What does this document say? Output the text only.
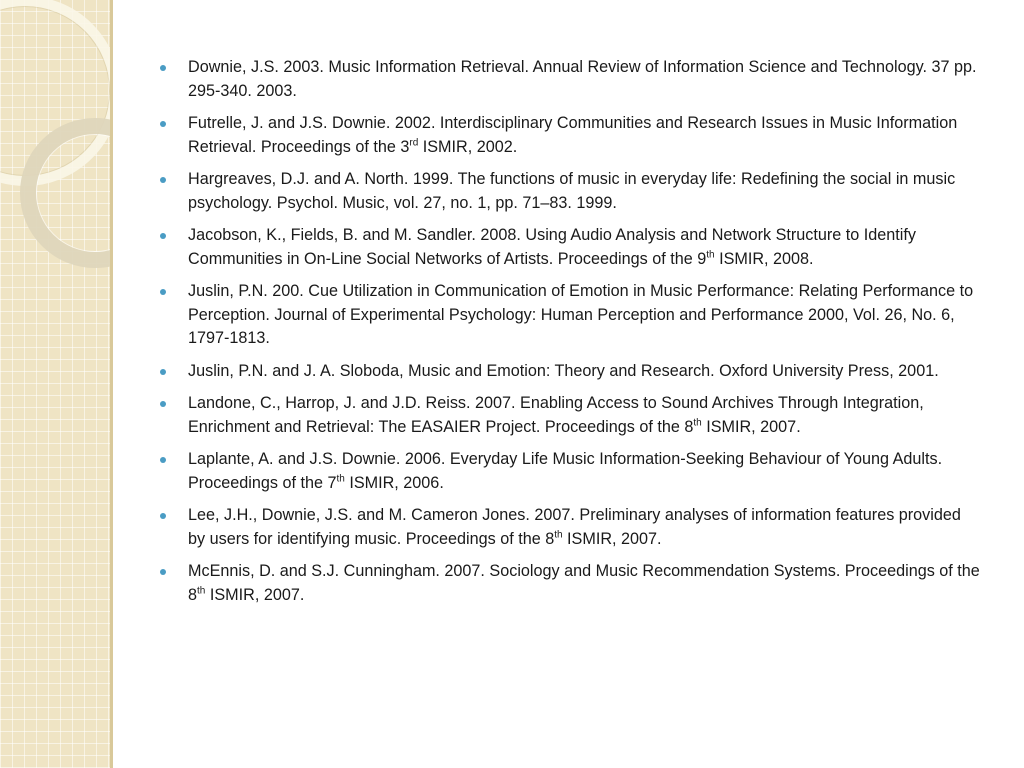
Downie, J.S. 2003. Music Information Retrieval. Annual Review of Information Science and Technology. 37 pp. 295-340. 2003.
Futrelle, J. and J.S. Downie. 2002. Interdisciplinary Communities and Research Issues in Music Information Retrieval. Proceedings of the 3rd ISMIR, 2002.
Hargreaves, D.J. and A. North. 1999. The functions of music in everyday life: Redefining the social in music psychology. Psychol. Music, vol. 27, no. 1, pp. 71–83. 1999.
Jacobson, K., Fields, B. and M. Sandler. 2008. Using Audio Analysis and Network Structure to Identify Communities in On-Line Social Networks of Artists. Proceedings of the 9th ISMIR, 2008.
Juslin, P.N. 200. Cue Utilization in Communication of Emotion in Music Performance: Relating Performance to Perception. Journal of Experimental Psychology: Human Perception and Performance 2000, Vol. 26, No. 6, 1797-1813.
Juslin, P.N. and J. A. Sloboda, Music and Emotion: Theory and Research. Oxford University Press, 2001.
Landone, C., Harrop, J. and J.D. Reiss. 2007. Enabling Access to Sound Archives Through Integration, Enrichment and Retrieval: The EASAIER Project. Proceedings of the 8th ISMIR, 2007.
Laplante, A. and J.S. Downie. 2006. Everyday Life Music Information-Seeking Behaviour of Young Adults. Proceedings of the 7th ISMIR, 2006.
Lee, J.H., Downie, J.S. and M. Cameron Jones. 2007. Preliminary analyses of information features provided by users for identifying music. Proceedings of the 8th ISMIR, 2007.
McEnnis, D. and S.J. Cunningham. 2007. Sociology and Music Recommendation Systems. Proceedings of the 8th ISMIR, 2007.
